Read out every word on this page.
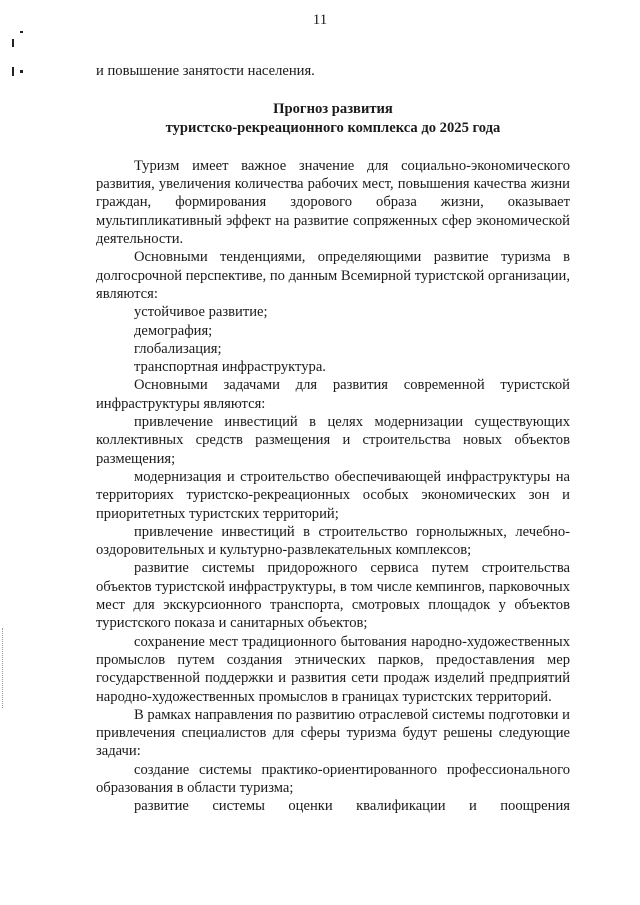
11

и повышение занятости населения.

Прогноз развития
туристско-рекреационного комплекса до 2025 года

Туризм имеет важное значение для социально-экономического развития, увеличения количества рабочих мест, повышения качества жизни граждан, формирования здорового образа жизни, оказывает мультипликативный эффект на развитие сопряженных сфер экономической деятельности.

Основными тенденциями, определяющими развитие туризма в долгосрочной перспективе, по данным Всемирной туристской организации, являются:

устойчивое развитие;

демография;

глобализация;

транспортная инфраструктура.

Основными задачами для развития современной туристской инфраструктуры являются:

привлечение инвестиций в целях модернизации существующих коллективных средств размещения и строительства новых объектов размещения;

модернизация и строительство обеспечивающей инфраструктуры на территориях туристско-рекреационных особых экономических зон и приоритетных туристских территорий;

привлечение инвестиций в строительство горнолыжных, лечебно-оздоровительных и культурно-развлекательных комплексов;

развитие системы придорожного сервиса путем строительства объектов туристской инфраструктуры, в том числе кемпингов, парковочных мест для экскурсионного транспорта, смотровых площадок у объектов туристского показа и санитарных объектов;

сохранение мест традиционного бытования народно-художественных промыслов путем создания этнических парков, предоставления мер государственной поддержки и развития сети продаж изделий предприятий народно-художественных промыслов в границах туристских территорий.

В рамках направления по развитию отраслевой системы подготовки и привлечения специалистов для сферы туризма будут решены следующие задачи:

создание системы практико-ориентированного профессионального образования в области туризма;

развитие системы оценки квалификации и поощрения
